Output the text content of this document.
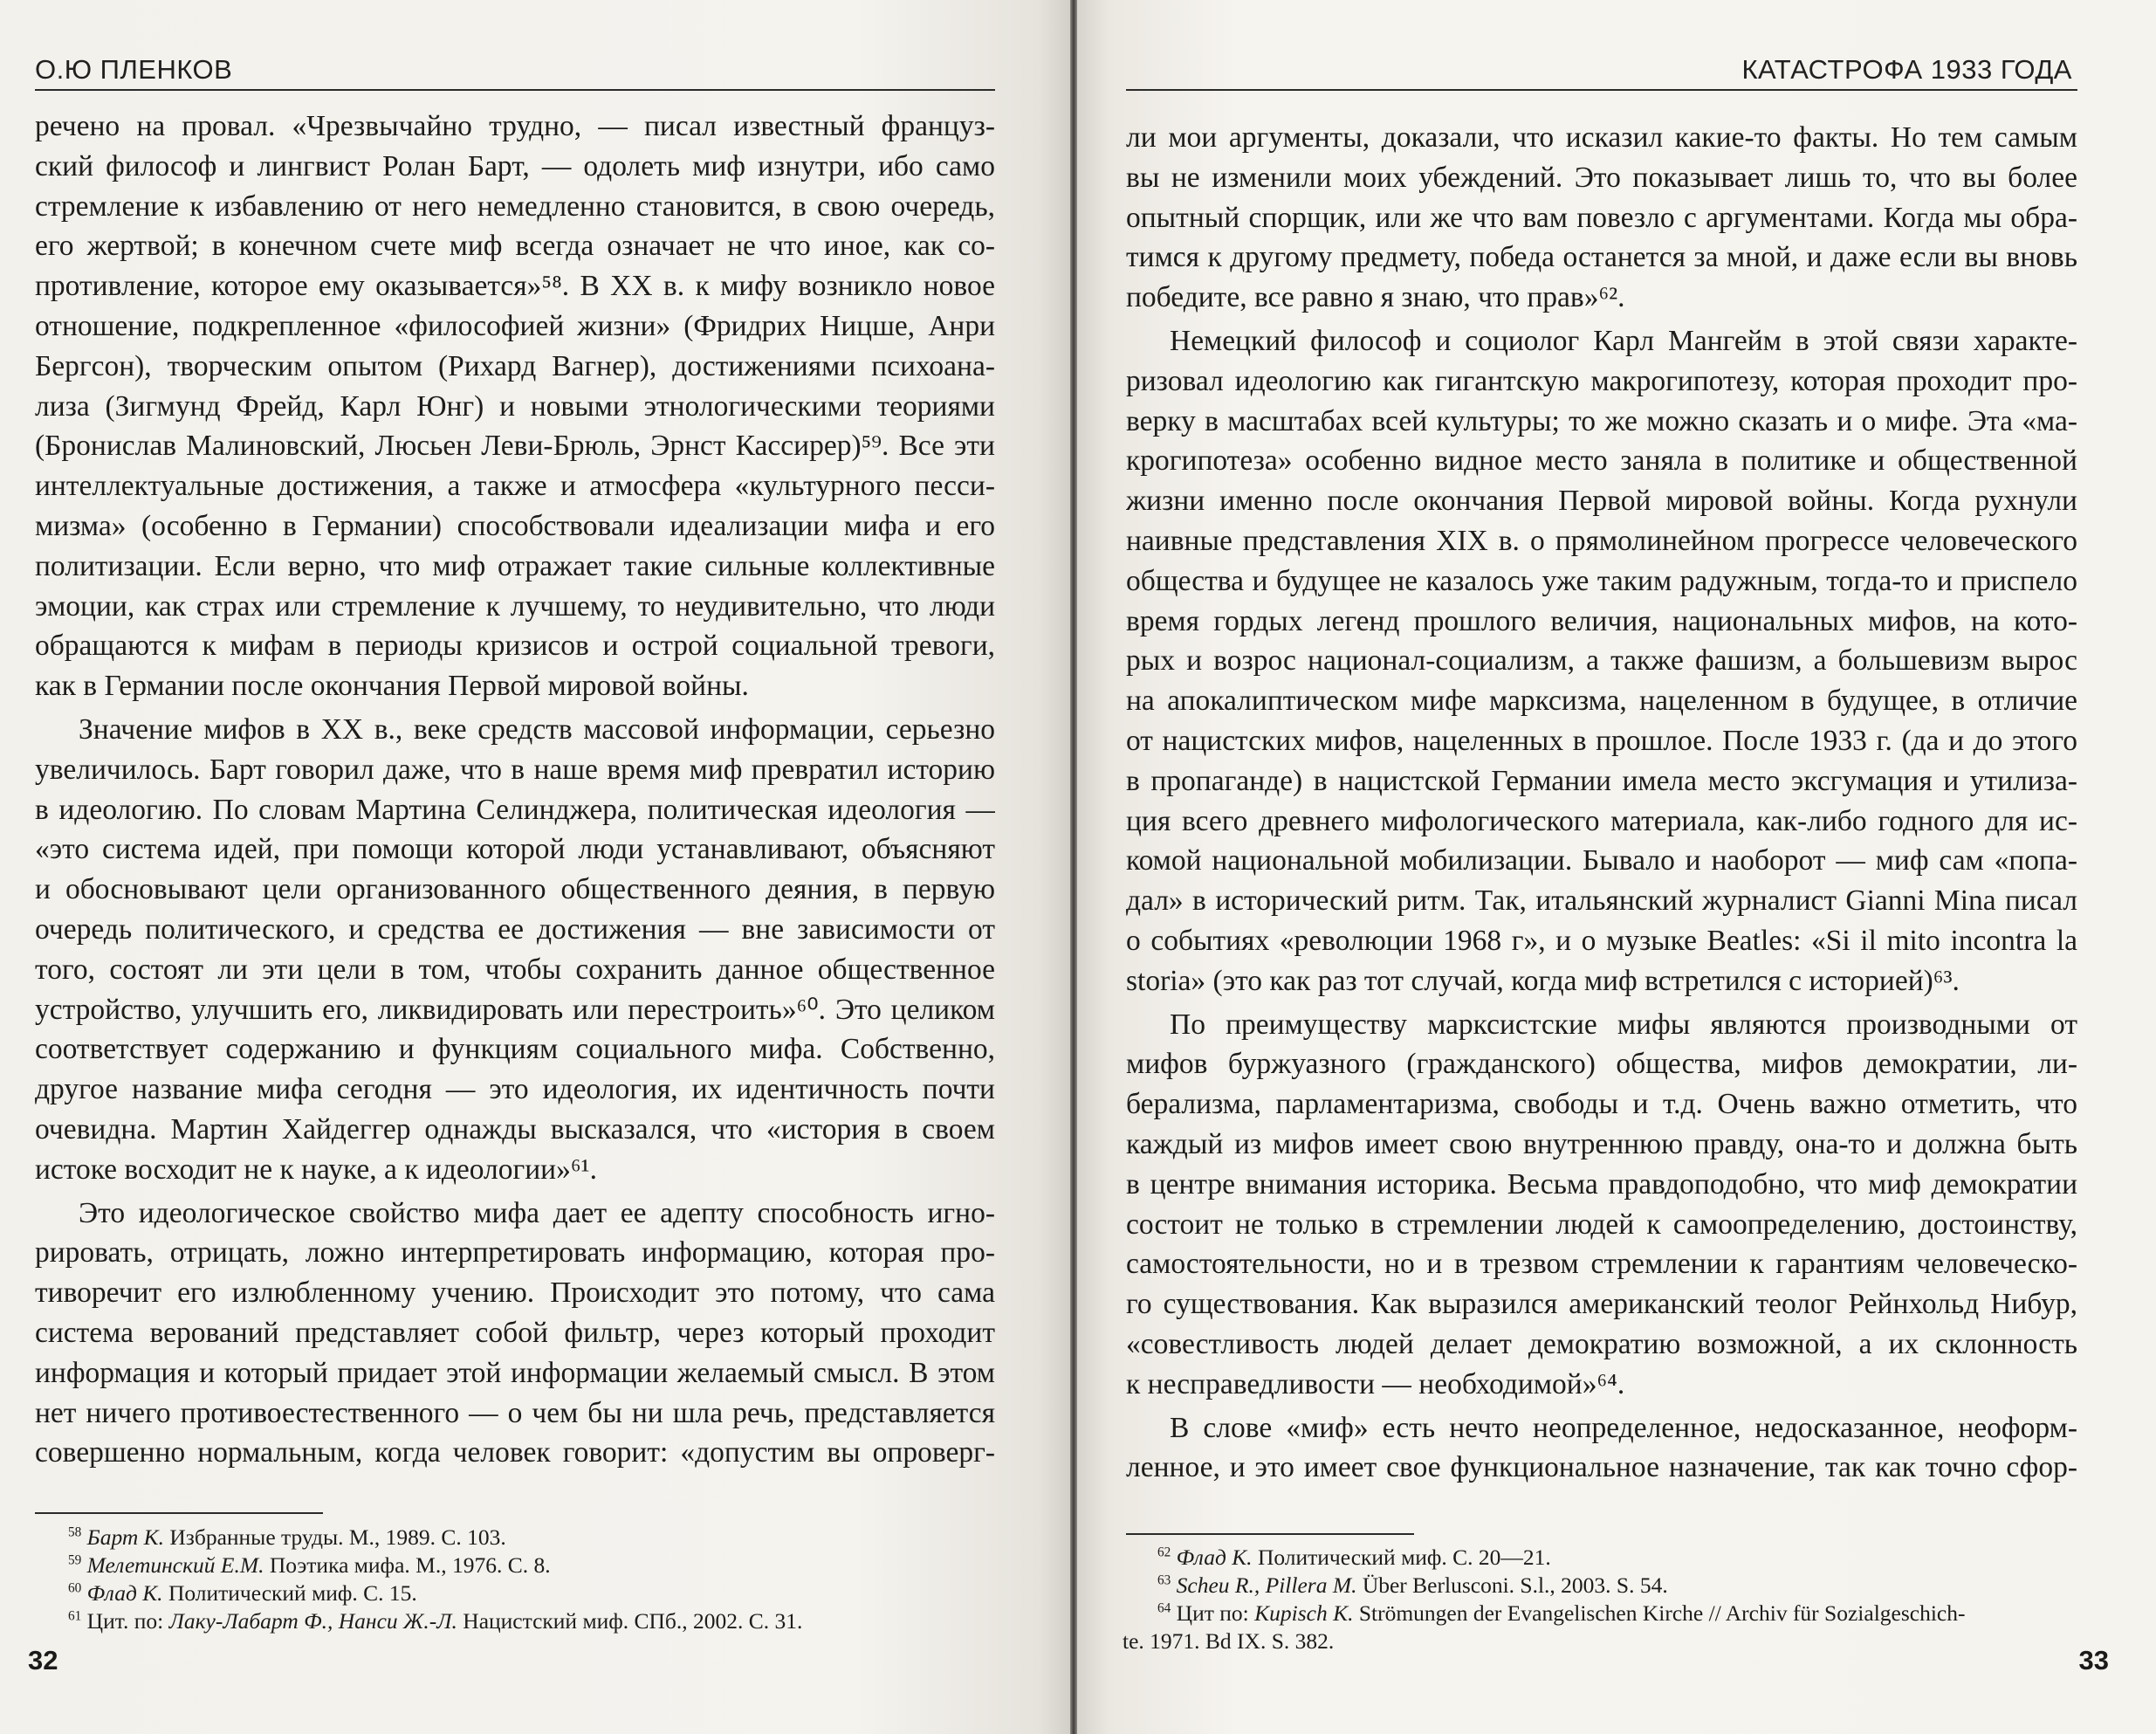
О.Ю ПЛЕНКОВ
речено на провал. «Чрезвычайно трудно, — писал известный француз-
ский философ и лингвист Ролан Барт, — одолеть миф изнутри, ибо само
стремление к избавлению от него немедленно становится, в свою очередь,
его жертвой; в конечном счете миф всегда означает не что иное, как со-
противление, которое ему оказывается»⁵⁸. В XX в. к мифу возникло новое
отношение, подкрепленное «философией жизни» (Фридрих Ницше, Анри
Бергсон), творческим опытом (Рихард Вагнер), достижениями психоана-
лиза (Зигмунд Фрейд, Карл Юнг) и новыми этнологическими теориями
(Бронислав Малиновский, Люсьен Леви-Брюль, Эрнст Кассирер)⁵⁹. Все эти
интеллектуальные достижения, а также и атмосфера «культурного песси-
мизма» (особенно в Германии) способствовали идеализации мифа и его
политизации. Если верно, что миф отражает такие сильные коллективные
эмоции, как страх или стремление к лучшему, то неудивительно, что люди
обращаются к мифам в периоды кризисов и острой социальной тревоги,
как в Германии после окончания Первой мировой войны.
Значение мифов в XX в., веке средств массовой информации, серьезно
увеличилось. Барт говорил даже, что в наше время миф превратил историю
в идеологию. По словам Мартина Селинджера, политическая идеология —
«это система идей, при помощи которой люди устанавливают, объясняют
и обосновывают цели организованного общественного деяния, в первую
очередь политического, и средства ее достижения — вне зависимости от
того, состоят ли эти цели в том, чтобы сохранить данное общественное
устройство, улучшить его, ликвидировать или перестроить»⁶⁰. Это целиком
соответствует содержанию и функциям социального мифа. Собственно,
другое название мифа сегодня — это идеология, их идентичность почти
очевидна. Мартин Хайдеггер однажды высказался, что «история в своем
истоке восходит не к науке, а к идеологии»⁶¹.
Это идеологическое свойство мифа дает ее адепту способность игно-
рировать, отрицать, ложно интерпретировать информацию, которая про-
тиворечит его излюбленному учению. Происходит это потому, что сама
система верований представляет собой фильтр, через который проходит
информация и который придает этой информации желаемый смысл. В этом
нет ничего противоестественного — о чем бы ни шла речь, представляется
совершенно нормальным, когда человек говорит: «допустим вы опроверг-
$^{58}$ Барт К. Избранные труды. М., 1989. С. 103.
$^{59}$ Мелетинский Е.М. Поэтика мифа. М., 1976. С. 8.
$^{60}$ Флад К. Политический миф. С. 15.
$^{61}$ Цит. по: Лаку-Лабарт Ф., Нанси Ж.-Л. Нацистский миф. СПб., 2002. С. 31.
32
КАТАСТРОФА 1933 ГОДА
ли мои аргументы, доказали, что исказил какие-то факты. Но тем самым
вы не изменили моих убеждений. Это показывает лишь то, что вы более
опытный спорщик, или же что вам повезло с аргументами. Когда мы обра-
тимся к другому предмету, победа останется за мной, и даже если вы вновь
победите, все равно я знаю, что прав»⁶².
Немецкий философ и социолог Карл Мангейм в этой связи характе-
ризовал идеологию как гигантскую макрогипотезу, которая проходит про-
верку в масштабах всей культуры; то же можно сказать и о мифе. Эта «ма-
крогипотеза» особенно видное место заняла в политике и общественной
жизни именно после окончания Первой мировой войны. Когда рухнули
наивные представления XIX в. о прямолинейном прогрессе человеческого
общества и будущее не казалось уже таким радужным, тогда-то и приспело
время гордых легенд прошлого величия, национальных мифов, на кото-
рых и возрос национал-социализм, а также фашизм, а большевизм вырос
на апокалиптическом мифе марксизма, нацеленном в будущее, в отличие
от нацистских мифов, нацеленных в прошлое. После 1933 г. (да и до этого
в пропаганде) в нацистской Германии имела место эксгумация и утилиза-
ция всего древнего мифологического материала, как-либо годного для ис-
комой национальной мобилизации. Бывало и наоборот — миф сам «попа-
дал» в исторический ритм. Так, итальянский журналист Gianni Mina писал
о событиях «революции 1968 г», и о музыке Beatles: «Si il mito incontra la
storia» (это как раз тот случай, когда миф встретился с историей)⁶³.
По преимуществу марксистские мифы являются производными от
мифов буржуазного (гражданского) общества, мифов демократии, ли-
берализма, парламентаризма, свободы и т.д. Очень важно отметить, что
каждый из мифов имеет свою внутреннюю правду, она-то и должна быть
в центре внимания историка. Весьма правдоподобно, что миф демократии
состоит не только в стремлении людей к самоопределению, достоинству,
самостоятельности, но и в трезвом стремлении к гарантиям человеческо-
го существования. Как выразился американский теолог Рейнхольд Нибур,
«совестливость людей делает демократию возможной, а их склонность
к несправедливости — необходимой»⁶⁴.
В слове «миф» есть нечто неопределенное, недосказанное, неоформ-
ленное, и это имеет свое функциональное назначение, так как точно сфор-
$^{62}$ Флад К. Политический миф. С. 20—21.
$^{63}$ Scheu R., Pillera M. Über Berlusconi. S.l., 2003. S. 54.
$^{64}$ Цит по: Kupisch K. Strömungen der Evangelischen Kirche // Archiv für Sozialgeschich-
te. 1971. Bd IX. S. 382.
33
